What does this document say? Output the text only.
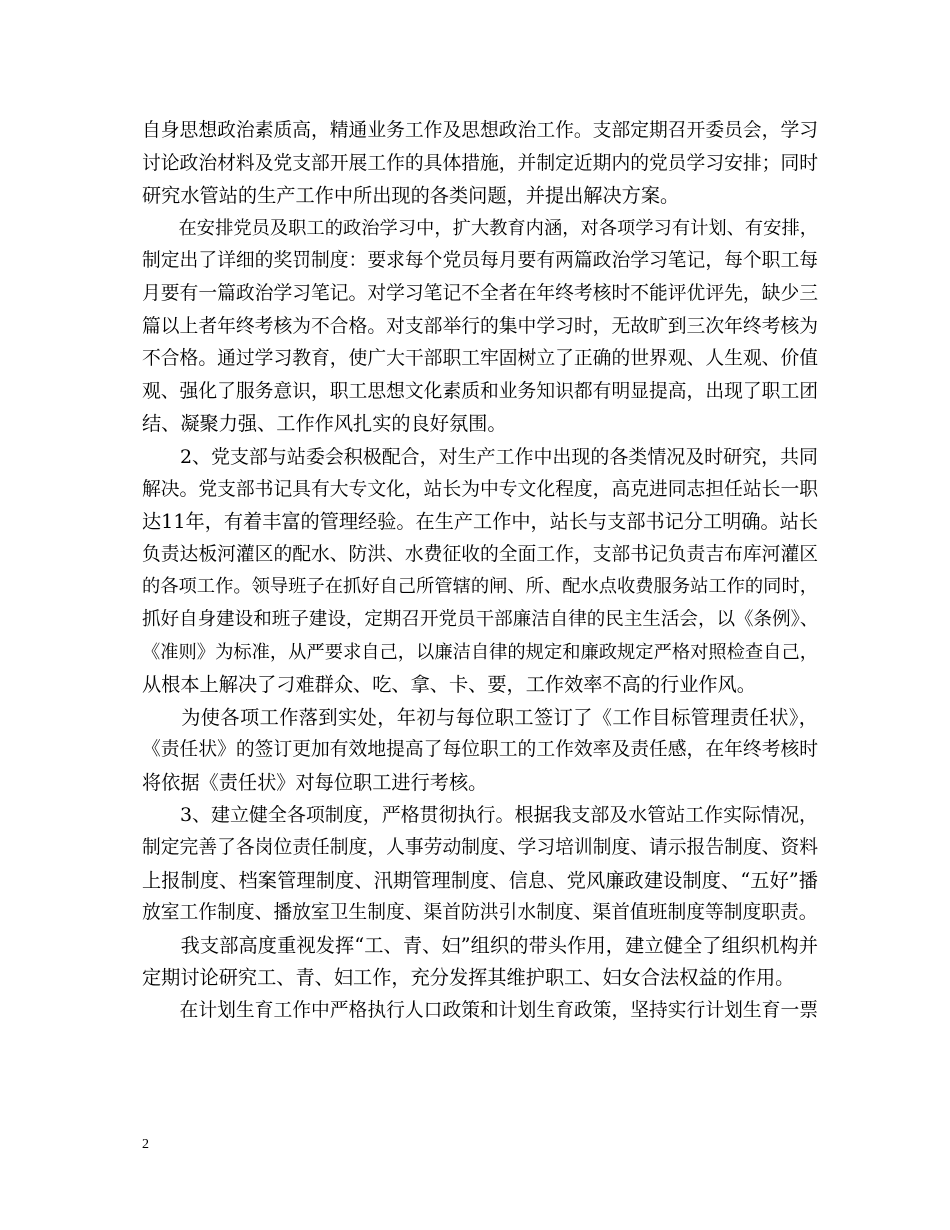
自身思想政治素质高，精通业务工作及思想政治工作。支部定期召开委员会，学习
讨论政治材料及党支部开展工作的具体措施，并制定近期内的党员学习安排；同时
研究水管站的生产工作中所出现的各类问题，并提出解决方案。

　　在安排党员及职工的政治学习中，扩大教育内涵，对各项学习有计划、有安排，
制定出了详细的奖罚制度：要求每个党员每月要有两篇政治学习笔记，每个职工每
月要有一篇政治学习笔记。对学习笔记不全者在年终考核时不能评优评先，缺少三
篇以上者年终考核为不合格。对支部举行的集中学习时，无故旷到三次年终考核为
不合格。通过学习教育，使广大干部职工牢固树立了正确的世界观、人生观、价值
观、强化了服务意识，职工思想文化素质和业务知识都有明显提高，出现了职工团
结、凝聚力强、工作作风扎实的良好氛围。

　　2、党支部与站委会积极配合，对生产工作中出现的各类情况及时研究，共同
解决。党支部书记具有大专文化，站长为中专文化程度，高克进同志担任站长一职
达11年，有着丰富的管理经验。在生产工作中，站长与支部书记分工明确。站长
负责达板河灌区的配水、防洪、水费征收的全面工作，支部书记负责吉布库河灌区
的各项工作。领导班子在抓好自己所管辖的闸、所、配水点收费服务站工作的同时，
抓好自身建设和班子建设，定期召开党员干部廉洁自律的民主生活会，以《条例》、
《准则》为标准，从严要求自己，以廉洁自律的规定和廉政规定严格对照检查自己，
从根本上解决了刁难群众、吃、拿、卡、要，工作效率不高的行业作风。

　　为使各项工作落到实处，年初与每位职工签订了《工作目标管理责任状》，
《责任状》的签订更加有效地提高了每位职工的工作效率及责任感，在年终考核时
将依据《责任状》对每位职工进行考核。

　　3、建立健全各项制度，严格贯彻执行。根据我支部及水管站工作实际情况，
制定完善了各岗位责任制度，人事劳动制度、学习培训制度、请示报告制度、资料
上报制度、档案管理制度、汛期管理制度、信息、党风廉政建设制度、“五好”播
放室工作制度、播放室卫生制度、渠首防洪引水制度、渠首值班制度等制度职责。

　　我支部高度重视发挥“工、青、妇”组织的带头作用，建立健全了组织机构并
定期讨论研究工、青、妇工作，充分发挥其维护职工、妇女合法权益的作用。

　　在计划生育工作中严格执行人口政策和计划生育政策，坚持实行计划生育一票

2
